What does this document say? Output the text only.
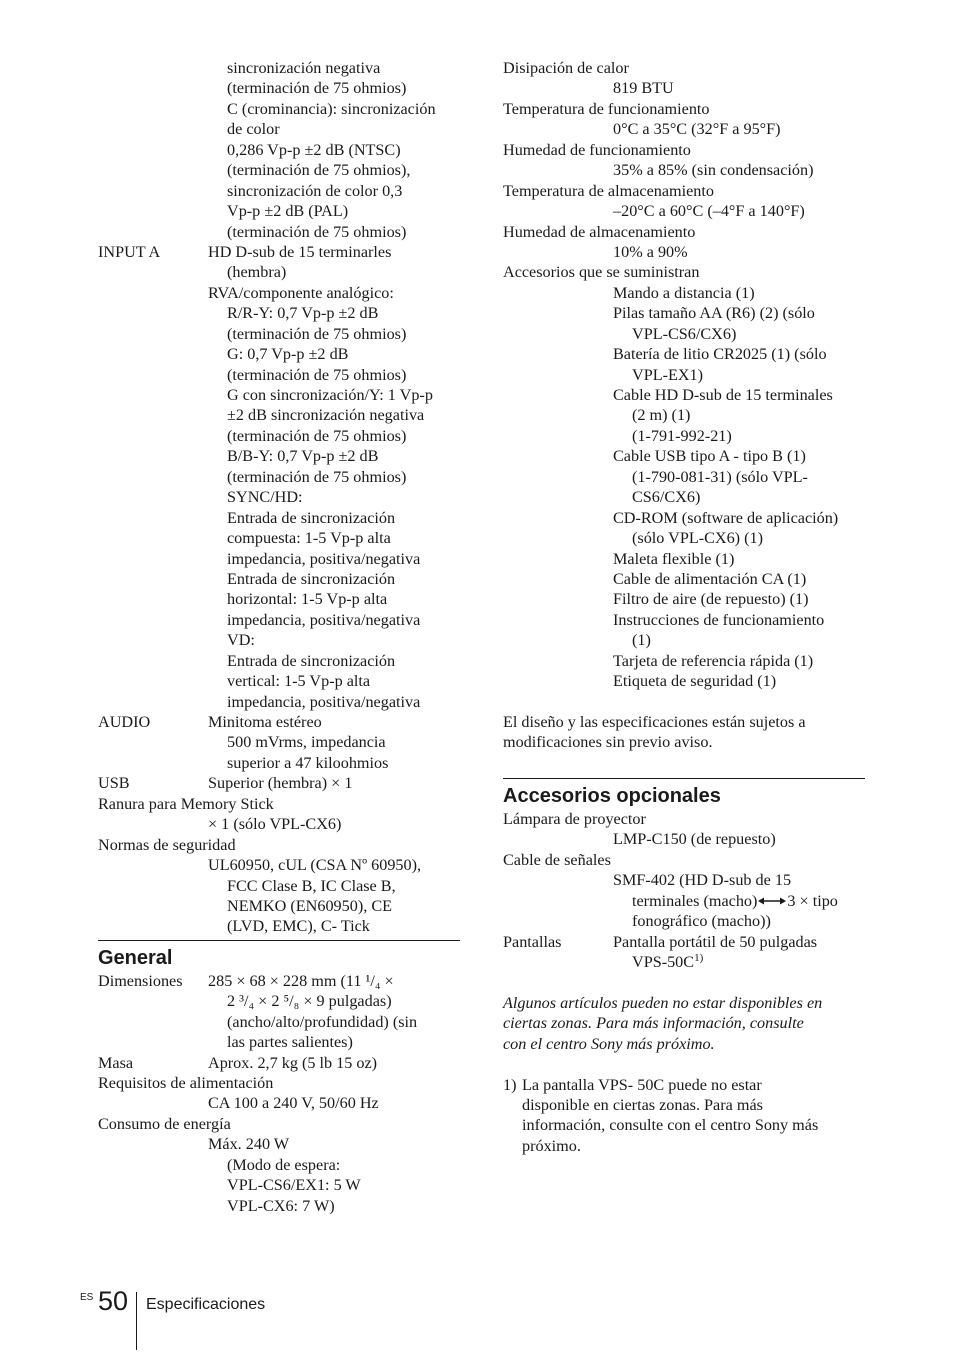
sincronización negativa
(terminación de 75 ohmios)
C (crominancia): sincronización
de color
0,286 Vp-p ±2 dB (NTSC)
(terminación de 75 ohmios),
sincronización de color 0,3
Vp-p ±2 dB (PAL)
(terminación de 75 ohmios)
INPUT A	HD D-sub de 15 terminarles
(hembra)
RVA/componente analógico:
R/R-Y: 0,7 Vp-p ±2 dB
(terminación de 75 ohmios)
G: 0,7 Vp-p ±2 dB
(terminación de 75 ohmios)
G con sincronización/Y: 1 Vp-p
±2 dB sincronización negativa
(terminación de 75 ohmios)
B/B-Y: 0,7 Vp-p ±2 dB
(terminación de 75 ohmios)
SYNC/HD:
Entrada de sincronización
compuesta: 1-5 Vp-p alta
impedancia, positiva/negativa
Entrada de sincronización
horizontal: 1-5 Vp-p alta
impedancia, positiva/negativa
VD:
Entrada de sincronización
vertical: 1-5 Vp-p alta
impedancia, positiva/negativa
AUDIO	Minitoma estéreo
500 mVrms, impedancia
superior a 47 kiloohmios
USB	Superior (hembra) × 1
Ranura para Memory Stick
× 1 (sólo VPL-CX6)
Normas de seguridad
UL60950, cUL (CSA Nº 60950),
FCC Clase B, IC Clase B,
NEMKO (EN60950), CE
(LVD, EMC), C- Tick
General
Dimensiones 285 × 68 × 228 mm (11 ¹/₄ ×
2 ³/₄ × 2 ⁵/₈ × 9 pulgadas)
(ancho/alto/profundidad) (sin
las partes salientes)
Masa	Aprox. 2,7 kg (5 lb 15 oz)
Requisitos de alimentación
CA 100 a 240 V, 50/60 Hz
Consumo de energía
Máx. 240 W
(Modo de espera:
VPL-CS6/EX1: 5 W
VPL-CX6: 7 W)
Disipación de calor
819 BTU
Temperatura de funcionamiento
0°C a 35°C (32°F a 95°F)
Humedad de funcionamiento
35% a 85% (sin condensación)
Temperatura de almacenamiento
–20°C a 60°C (–4°F a 140°F)
Humedad de almacenamiento
10% a 90%
Accesorios que se suministran
Mando a distancia (1)
Pilas tamaño AA (R6) (2) (sólo
VPL-CS6/CX6)
Batería de litio CR2025 (1) (sólo
VPL-EX1)
Cable HD D-sub de 15 terminales
(2 m) (1)
(1-791-992-21)
Cable USB tipo A - tipo B (1)
(1-790-081-31) (sólo VPL-
CS6/CX6)
CD-ROM (software de aplicación)
(sólo VPL-CX6) (1)
Maleta flexible (1)
Cable de alimentación CA (1)
Filtro de aire (de repuesto) (1)
Instrucciones de funcionamiento
(1)
Tarjeta de referencia rápida (1)
Etiqueta de seguridad (1)
El diseño y las especificaciones están sujetos a
modificaciones sin previo aviso.
Accesorios opcionales
Lámpara de proyector
LMP-C150 (de repuesto)
Cable de señales
SMF-402 (HD D-sub de 15
terminales (macho) 3 × tipo
fonográfico (macho))
Pantallas	Pantalla portátil de 50 pulgadas
VPS-$50C^{1)}$
Algunos artículos pueden no estar disponibles en
ciertas zonas. Para más información, consulte
con el centro Sony más próximo.
1) La pantalla VPS- 50C puede no estar
disponible en ciertas zonas. Para más
información, consulte con el centro Sony más
próximo.
ES 50 Especificaciones
